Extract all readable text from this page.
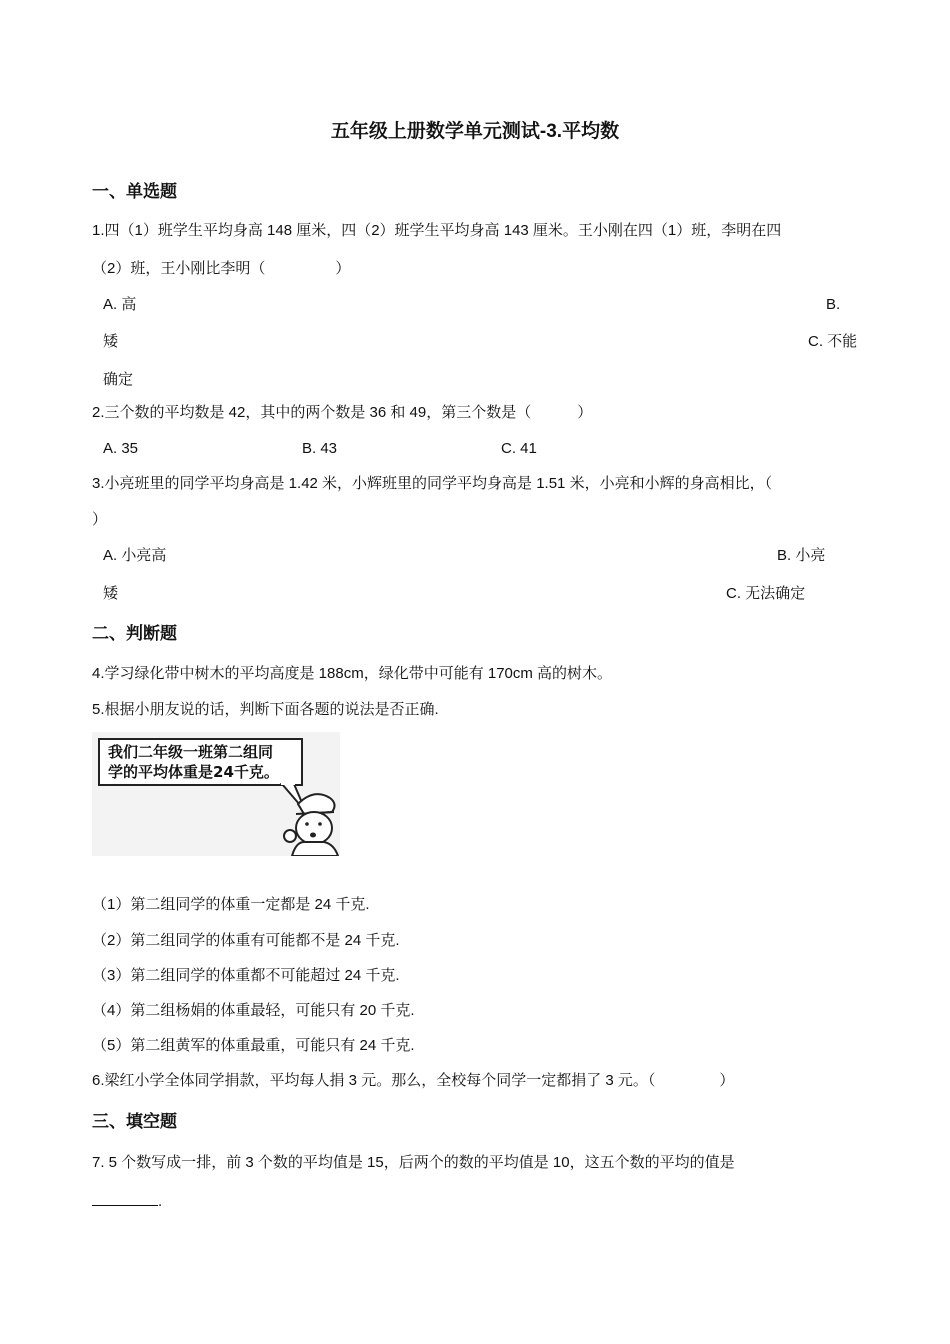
五年级上册数学单元测试-3.平均数
一、单选题
1.四（1）班学生平均身高 148 厘米，四（2）班学生平均身高 143 厘米。王小刚在四（1）班，李明在四
（2）班，王小刚比李明（	）
A. 高	B.
矮	C. 不能
确定
2.三个数的平均数是 42，其中的两个数是 36 和 49，第三个数是（	）
A. 35	B. 43	C. 41
3.小亮班里的同学平均身高是 1.42 米，小辉班里的同学平均身高是 1.51 米，小亮和小辉的身高相比，（
）
A. 小亮高	B. 小亮
矮	C. 无法确定
二、判断题
4.学习绿化带中树木的平均高度是 188cm，绿化带中可能有 170cm 高的树木。
5.根据小朋友说的话，判断下面各题的说法是否正确.
我们二年级一班第二组同
学的平均体重是24千克。
（1）第二组同学的体重一定都是 24 千克.
（2）第二组同学的体重有可能都不是 24 千克.
（3）第二组同学的体重都不可能超过 24 千克.
（4）第二组杨娟的体重最轻，可能只有 20 千克.
（5）第二组黄军的体重最重，可能只有 24 千克.
6.梁红小学全体同学捐款，平均每人捐 3 元。那么，全校每个同学一定都捐了 3 元。（	）
三、填空题
7. 5 个数写成一排，前 3 个数的平均值是 15，后两个的数的平均值是 10，这五个数的平均的值是
.
